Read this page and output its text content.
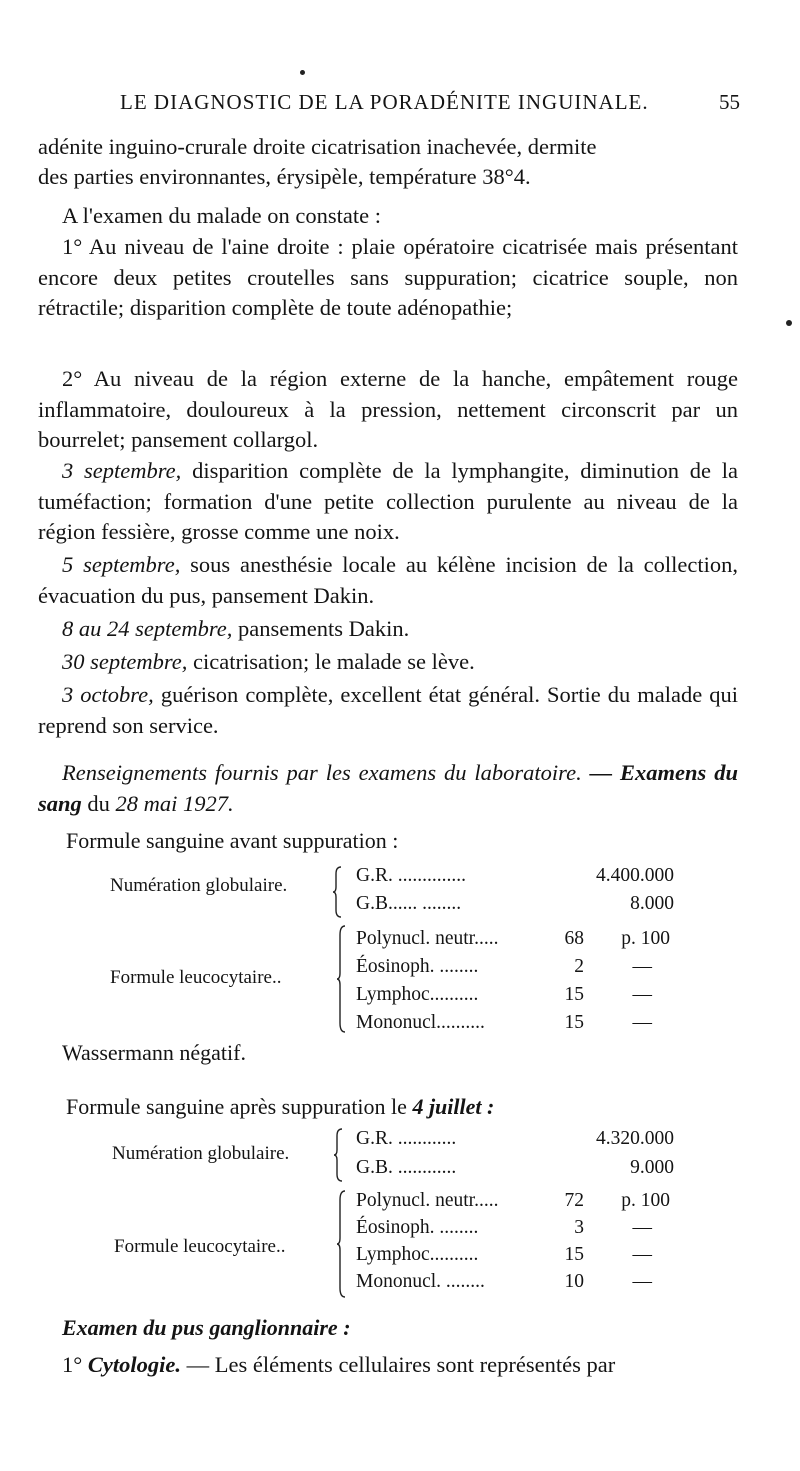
LE DIAGNOSTIC DE LA PORADÉNITE INGUINALE.	55

adénite inguino-crurale droite cicatrisation inachevée, dermite

des parties environnantes, érysipèle, température 38°4.

A l'examen du malade on constate :

1° Au niveau de l'aine droite : plaie opératoire cicatrisée mais présentant encore deux petites croutelles sans suppuration; cicatrice souple, non rétractile; disparition complète de toute adénopathie;

2° Au niveau de la région externe de la hanche, empâtement rouge inflammatoire, douloureux à la pression, nettement circonscrit par un bourrelet; pansement collargol.

3 septembre, disparition complète de la lymphangite, diminution de la tuméfaction; formation d'une petite collection purulente au niveau de la région fessière, grosse comme une noix.

5 septembre, sous anesthésie locale au kélène incision de la collection, évacuation du pus, pansement Dakin.

8 au 24 septembre, pansements Dakin.

30 septembre, cicatrisation; le malade se lève.

3 octobre, guérison complète, excellent état général. Sortie du malade qui reprend son service.

Renseignements fournis par les examens du laboratoire. — Examens du sang du 28 mai 1927.

Formule sanguine avant suppuration :
Numération globulaire.	G.R. ..............	4.400.000
G.B...... ........	8.000
Formule leucocytaire..
Polynucl. neutr.....	68 p. 100
Éosinoph. ........	2 —
Lymphoc..........	15 —
Mononucl..........	15 —
Wassermann négatif.
Formule sanguine après suppuration le 4 juillet :
Numération globulaire.
G.R. ............	4.320.000
G.B. ............	9.000
Formule leucocytaire..
Polynucl. neutr.....	72 p. 100
Éosinoph. ........	3 —
Lymphoc..........	15 —
Mononucl. ........	10 —
Examen du pus ganglionnaire :

1° Cytologie. — Les éléments cellulaires sont représentés par
